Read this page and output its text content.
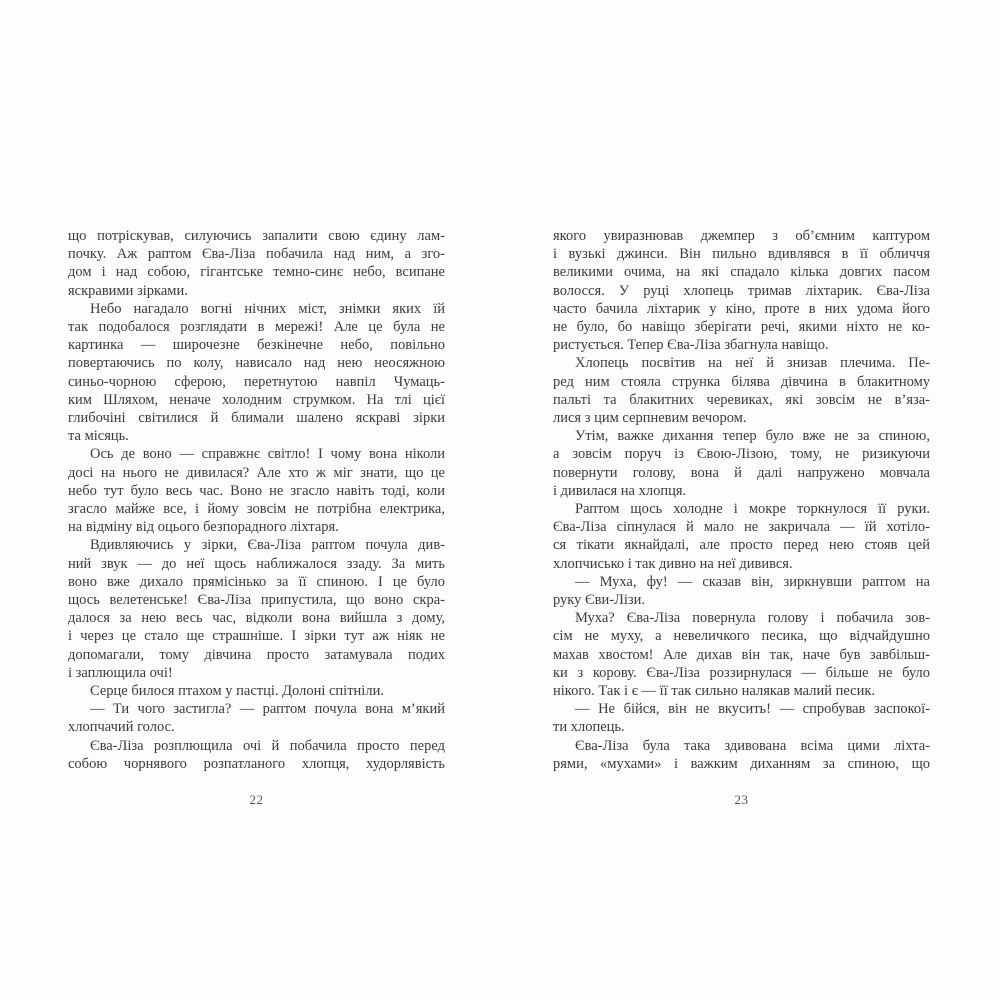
що потріскував, силуючись запалити свою єдину лам-
почку. Аж раптом Єва-Ліза побачила над ним, а зго-
дом і над собою, гігантське темно-синє небо, всипане
яскравими зірками.
Небо нагадало вогні нічних міст, знімки яких їй
так подобалося розглядати в мережі! Але це була не
картинка — широчезне безкінечне небо, повільно
повертаючись по колу, нависало над нею неосяжною
синьо-чорною сферою, перетнутою навпіл Чумаць-
ким Шляхом, неначе холодним струмком. На тлі цієї
глибочіні світилися й блимали шалено яскраві зірки
та місяць.
Ось де воно — справжнє світло! І чому вона ніколи
досі на нього не дивилася? Але хто ж міг знати, що це
небо тут було весь час. Воно не згасло навіть тоді, коли
згасло майже все, і йому зовсім не потрібна електрика,
на відміну від оцього безпорадного ліхтаря.
Вдивляючись у зірки, Єва-Ліза раптом почула див-
ний звук — до неї щось наближалося ззаду. За мить
воно вже дихало прямісінько за її спиною. І це було
щось велетенське! Єва-Ліза припустила, що воно скра-
далося за нею весь час, відколи вона вийшла з дому,
і через це стало ще страшніше. І зірки тут аж ніяк не
допомагали, тому дівчина просто затамувала подих
і заплющила очі!
Серце билося птахом у пастці. Долоні спітніли.
— Ти чого застигла? — раптом почула вона м’який
хлопчачий голос.
Єва-Ліза розплющила очі й побачила просто перед
собою чорнявого розпатланого хлопця, худорлявість
22
якого увиразнював джемпер з об’ємним каптуром
і вузькі джинси. Він пильно вдивлявся в її обличчя
великими очима, на які спадало кілька довгих пасом
волосся. У руці хлопець тримав ліхтарик. Єва-Ліза
часто бачила ліхтарик у кіно, проте в них удома його
не було, бо навіщо зберігати речі, якими ніхто не ко-
ристується. Тепер Єва-Ліза збагнула навіщо.
Хлопець посвітив на неї й знизав плечима. Пе-
ред ним стояла струнка білява дівчина в блакитному
пальті та блакитних черевиках, які зовсім не в’яза-
лися з цим серпневим вечором.
Утім, важке дихання тепер було вже не за спиною,
а зовсім поруч із Євою-Лізою, тому, не ризикуючи
повернути голову, вона й далі напружено мовчала
і дивилася на хлопця.
Раптом щось холодне і мокре торкнулося її руки.
Єва-Ліза сіпнулася й мало не закричала — їй хотіло-
ся тікати якнайдалі, але просто перед нею стояв цей
хлопчисько і так дивно на неї дивився.
— Муха, фу! — сказав він, зиркнувши раптом на
руку Єви-Лізи.
Муха? Єва-Ліза повернула голову і побачила зов-
сім не муху, а невеличкого песика, що відчайдушно
махав хвостом! Але дихав він так, наче був завбільш-
ки з корову. Єва-Ліза роззирнулася — більше не було
нікого. Так і є — її так сильно налякав малий песик.
— Не бійся, він не вкусить! — спробував заспокої-
ти хлопець.
Єва-Ліза була така здивована всіма цими ліхта-
рями, «мухами» і важким диханням за спиною, що
23
